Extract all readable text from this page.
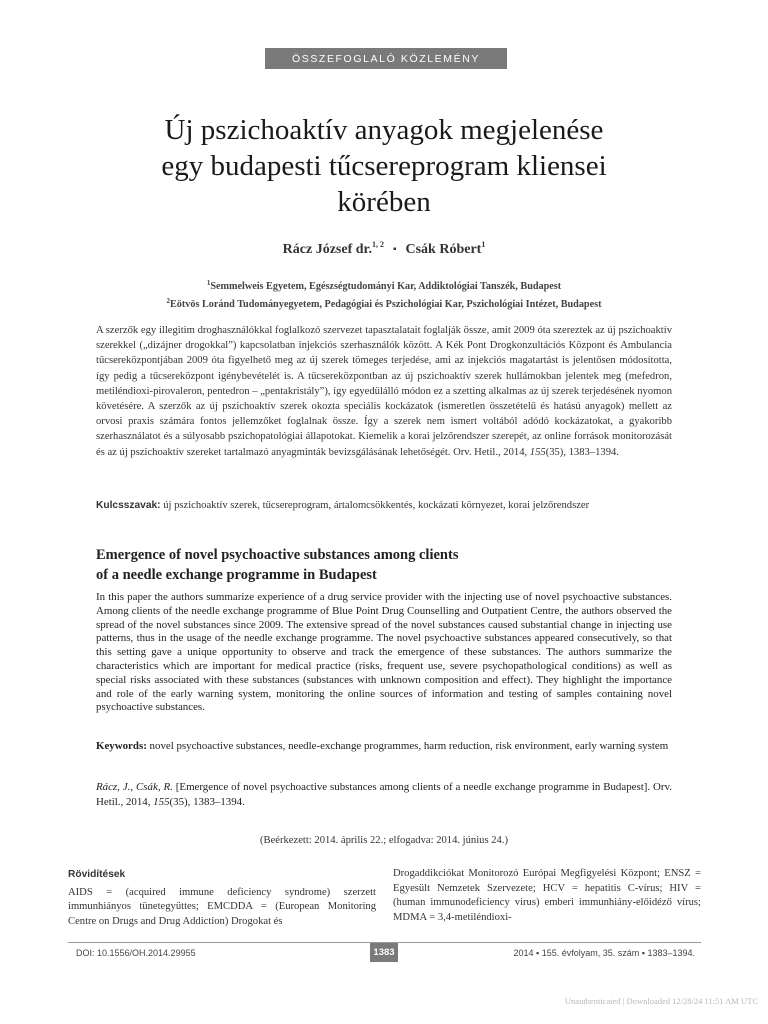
ÖSSZEFOGLALÓ KÖZLEMÉNY
Új pszichoaktív anyagok megjelenése
egy budapesti tűcsereprogram kliensei
körében
Rácz József dr.$^{1, 2}$ ▪ Csák Róbert$^1$
$^1$Semmelweis Egyetem, Egészségtudományi Kar, Addiktológiai Tanszék, Budapest
$^2$Eötvös Loránd Tudományegyetem, Pedagógiai és Pszichológiai Kar, Pszichológiai Intézet, Budapest
A szerzők egy illegitim droghasználókkal foglalkozó szervezet tapasztalatait foglalják össze, amit 2009 óta szereztek az új pszichoaktív szerekkel („dizájner drogokkal”) kapcsolatban injekciós szerhasználók között. A Kék Pont Drogkonzultációs Központ és Ambulancia tűcsereközpontjában 2009 óta figyelhető meg az új szerek tömeges terjedése, ami az injekciós magatartást is jelentősen módosította, így pedig a tűcsereközpont igénybevételét is. A tűcsereközpontban az új pszichoaktív szerek hullámokban jelentek meg (mefedron, metiléndioxi-pirovaleron, pentedron – „pentakristály”), így egyedülálló módon ez a szetting alkalmas az új szerek terjedésének nyomon követésére. A szerzők az új pszichoaktív szerek okozta speciális kockázatok (ismeretlen összetételű és hatású anyagok) mellett az orvosi praxis számára fontos jellemzőket foglalnak össze. Így a szerek nem ismert voltából adódó kockázatokat, a gyakoribb szerhasználatot és a súlyosabb pszichopatológiai állapotokat. Kiemelik a korai jelzőrendszer szerepét, az online források monitorozását és az új pszichoaktív szereket tartalmazó anyagminták bevizsgálásának lehetőségét. Orv. Hetil., 2014, 155(35), 1383–1394.
Kulcsszavak: új pszichoaktív szerek, tűcsereprogram, ártalomcsökkentés, kockázati környezet, korai jelzőrendszer
Emergence of novel psychoactive substances among clients
of a needle exchange programme in Budapest
In this paper the authors summarize experience of a drug service provider with the injecting use of novel psychoactive substances. Among clients of the needle exchange programme of Blue Point Drug Counselling and Outpatient Centre, the authors observed the spread of the novel substances since 2009. The extensive spread of the novel substances caused substantial change in injecting use patterns, thus in the usage of the needle exchange programme. The novel psychoactive substances appeared consecutively, so that this setting gave a unique opportunity to observe and track the emergence of these substances. The authors summarize the characteristics which are important for medical practice (risks, frequent use, severe psychopathological conditions) as well as special risks associated with these substances (substances with unknown composition and effect). They highlight the importance and role of the early warning system, monitoring the online sources of information and testing of samples containing novel psychoactive substances.
Keywords: novel psychoactive substances, needle-exchange programmes, harm reduction, risk environment, early warning system
Rácz, J., Csák, R. [Emergence of novel psychoactive substances among clients of a needle exchange programme in Budapest]. Orv. Hetil., 2014, 155(35), 1383–1394.
(Beérkezett: 2014. április 22.; elfogadva: 2014. június 24.)
Rövidítések
AIDS = (acquired immune deficiency syndrome) szerzett immunhiányos tünetegyüttes; EMCDDA = (European Monitoring Centre on Drugs and Drug Addiction) Drogokat és
Drogaddikciókat Monitorozó Európai Megfigyelési Központ; ENSZ = Egyesült Nemzetek Szervezete; HCV = hepatitis C-vírus; HIV = (human immunodeficiency virus) emberi immunhiány-előidéző vírus; MDMA = 3,4-metiléndioxi-
DOI: 10.1556/OH.2014.29955	1383	2014 ▪ 155. évfolyam, 35. szám ▪ 1383–1394.
Unauthenticated | Downloaded 12/28/24 11:51 AM UTC
